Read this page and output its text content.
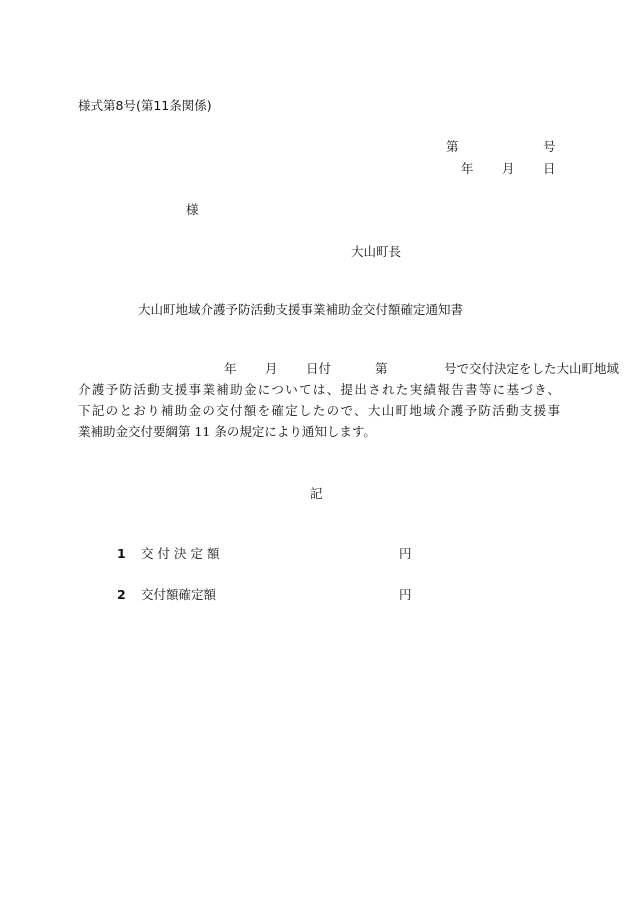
様式第8号(第11条関係)
第	号
年 月 日
様
大山町長
大山町地域介護予防活動支援事業補助金交付額確定通知書
年 月 日付	第	号で交付決定をした大山町地域
介護予防活動支援事業補助金については、提出された実績報告書等に基づき、
下記のとおり補助金の交付額を確定したので、大山町地域介護予防活動支援事
業補助金交付要綱第 11 条の規定により通知します。
記
1 交付決定額	円
2 交付額確定額	円
